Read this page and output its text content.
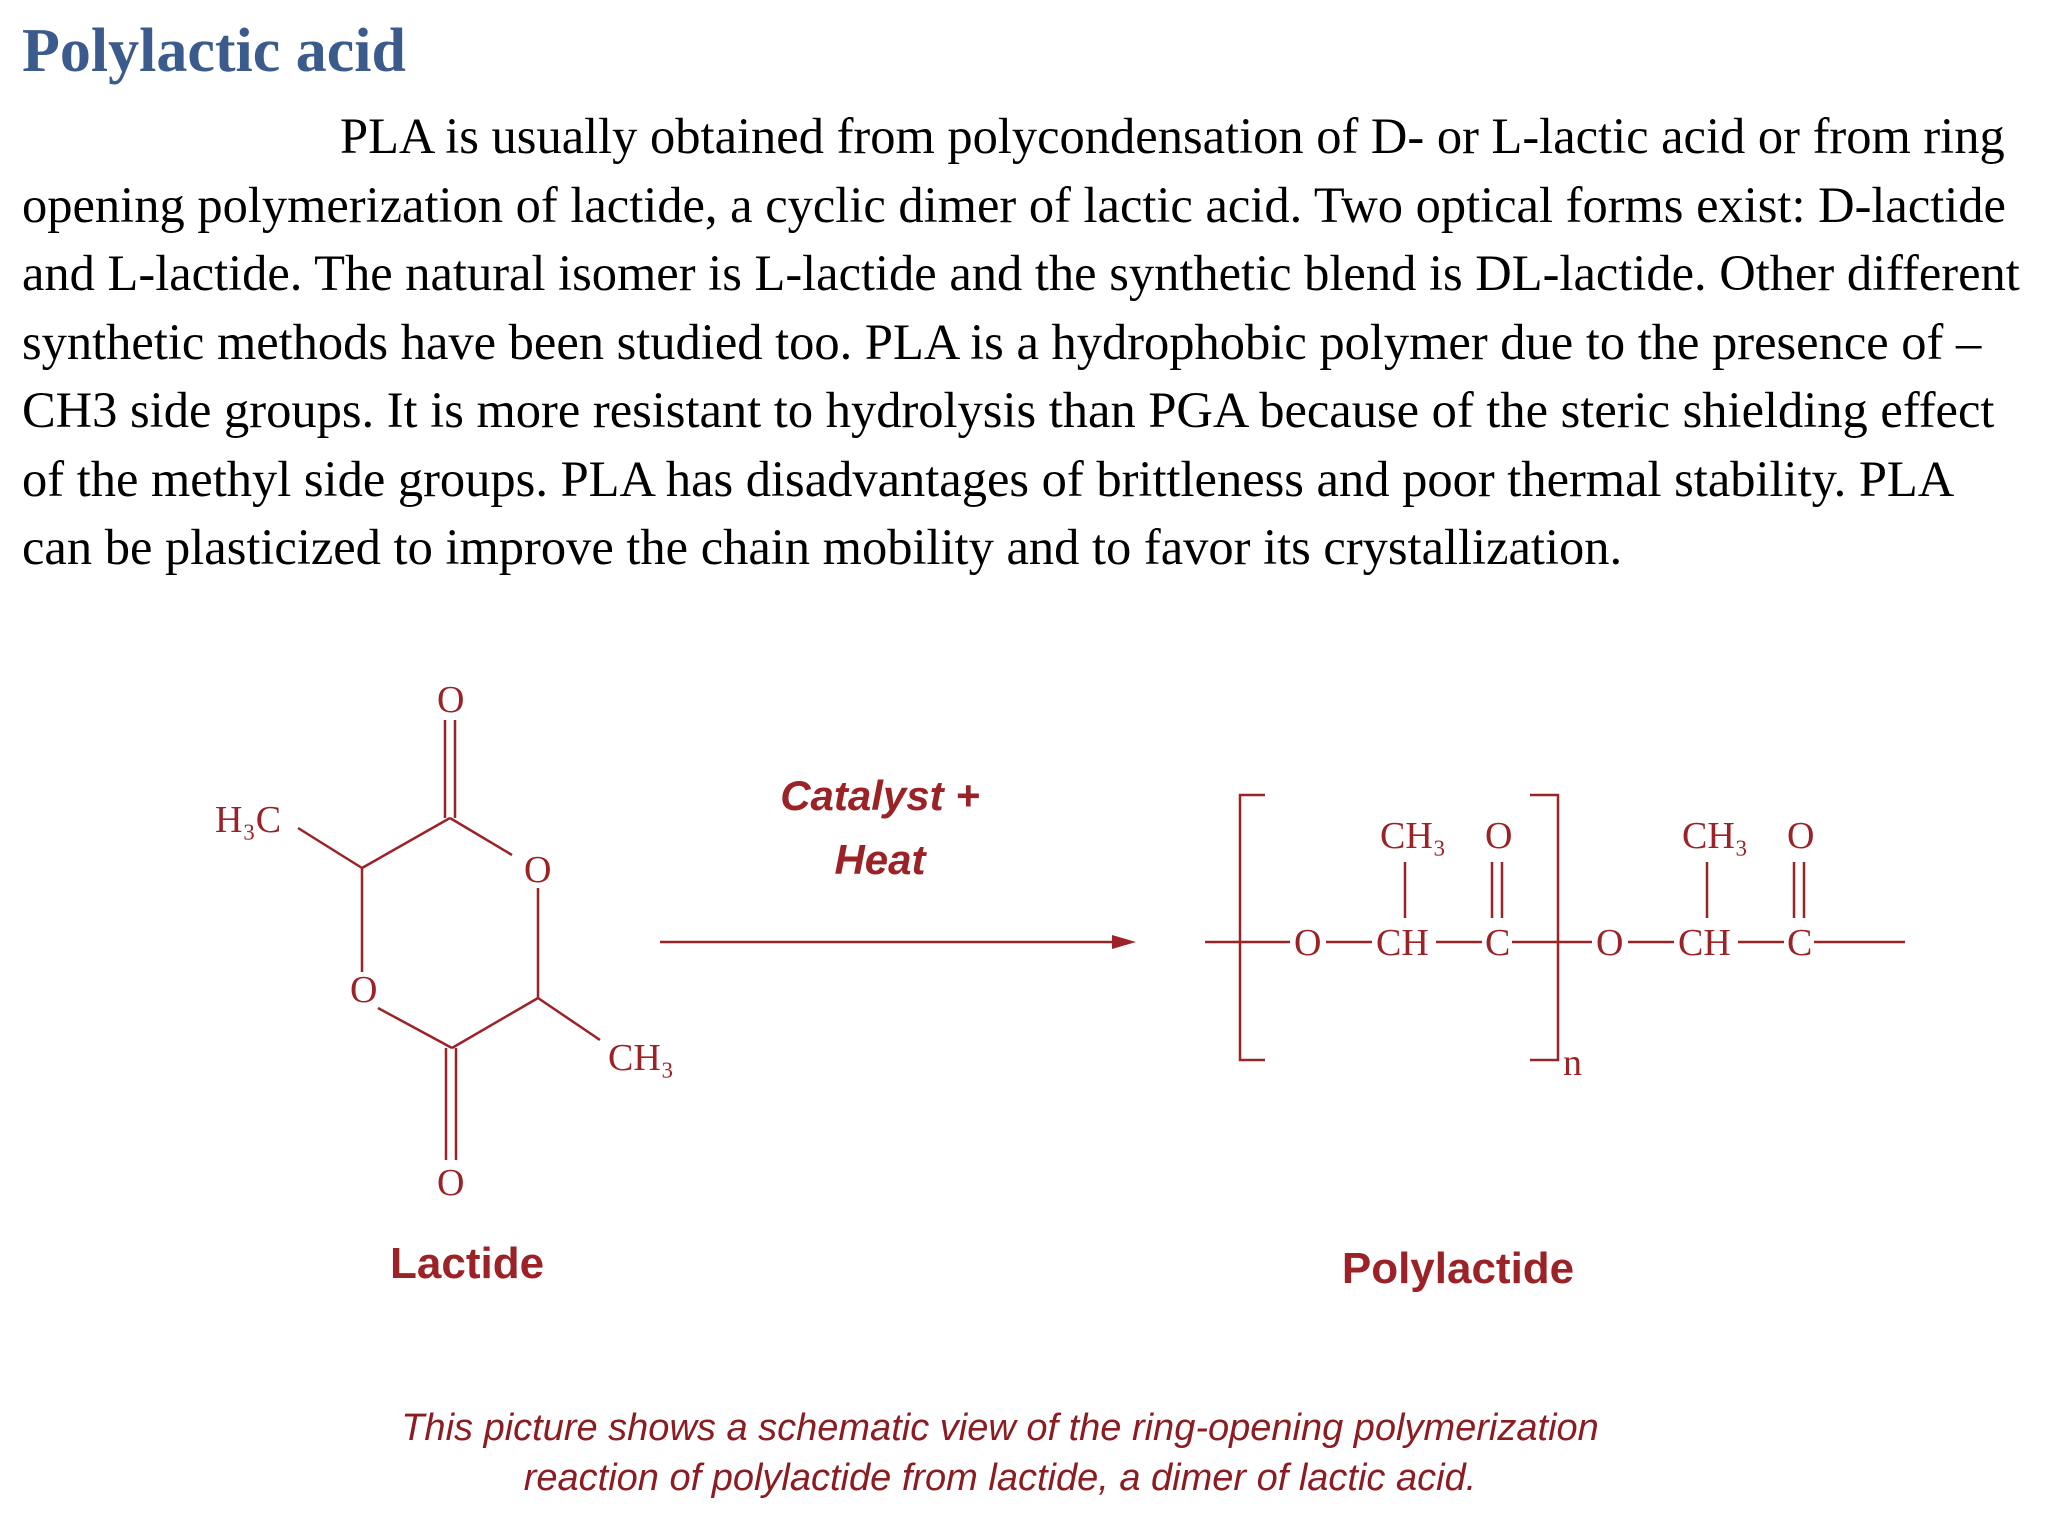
Polylactic acid

PLA is usually obtained from polycondensation of D- or L-lactic acid or from ring opening polymerization of lactide, a cyclic dimer of lactic acid. Two optical forms exist: D-lactide and L-lactide. The natural isomer is L-lactide and the synthetic blend is DL-lactide. Other different synthetic methods have been studied too. PLA is a hydrophobic polymer due to the presence of –CH3 side groups. It is more resistant to hydrolysis than PGA because of the steric shielding effect of the methyl side groups. PLA has disadvantages of brittleness and poor thermal stability. PLA can be plasticized to improve the chain mobility and to favor its crystallization.

O
O
O
O
H₃C
CH₃
Lactide
Catalyst +
Heat	CH₃ O
O CH C
CH₃ O
O CH C
n
Polylactide
This picture shows a schematic view of the ring-opening polymerization
reaction of polylactide from lactide, a dimer of lactic acid.
